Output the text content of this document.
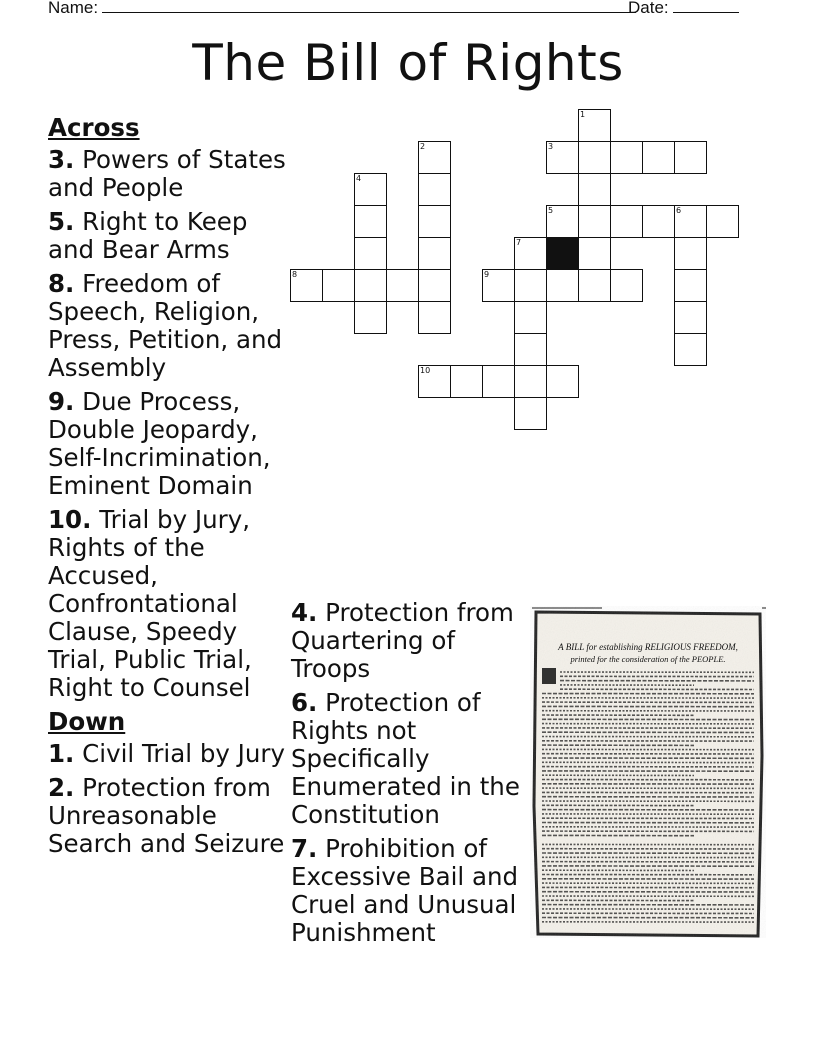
Name:	Date:
The Bill of Rights
Across
3. Powers of States and People
5. Right to Keep and Bear Arms
8. Freedom of Speech, Religion, Press, Petition, and Assembly
9. Due Process, Double Jeopardy, Self-Incrimination, Eminent Domain
10. Trial by Jury, Rights of the Accused, Confrontational Clause, Speedy Trial, Public Trial, Right to Counsel
Down
1. Civil Trial by Jury
2. Protection from Unreasonable Search and Seizure
4. Protection from Quartering of Troops
6. Protection of Rights not Specifically Enumerated in the Constitution
7. Prohibition of Excessive Bail and Cruel and Unusual Punishment
1
2	3
4
5	6
7
8	9
10
A BILL for establishing RELIGIOUS FREEDOM,
printed for the consideration of the PEOPLE.
